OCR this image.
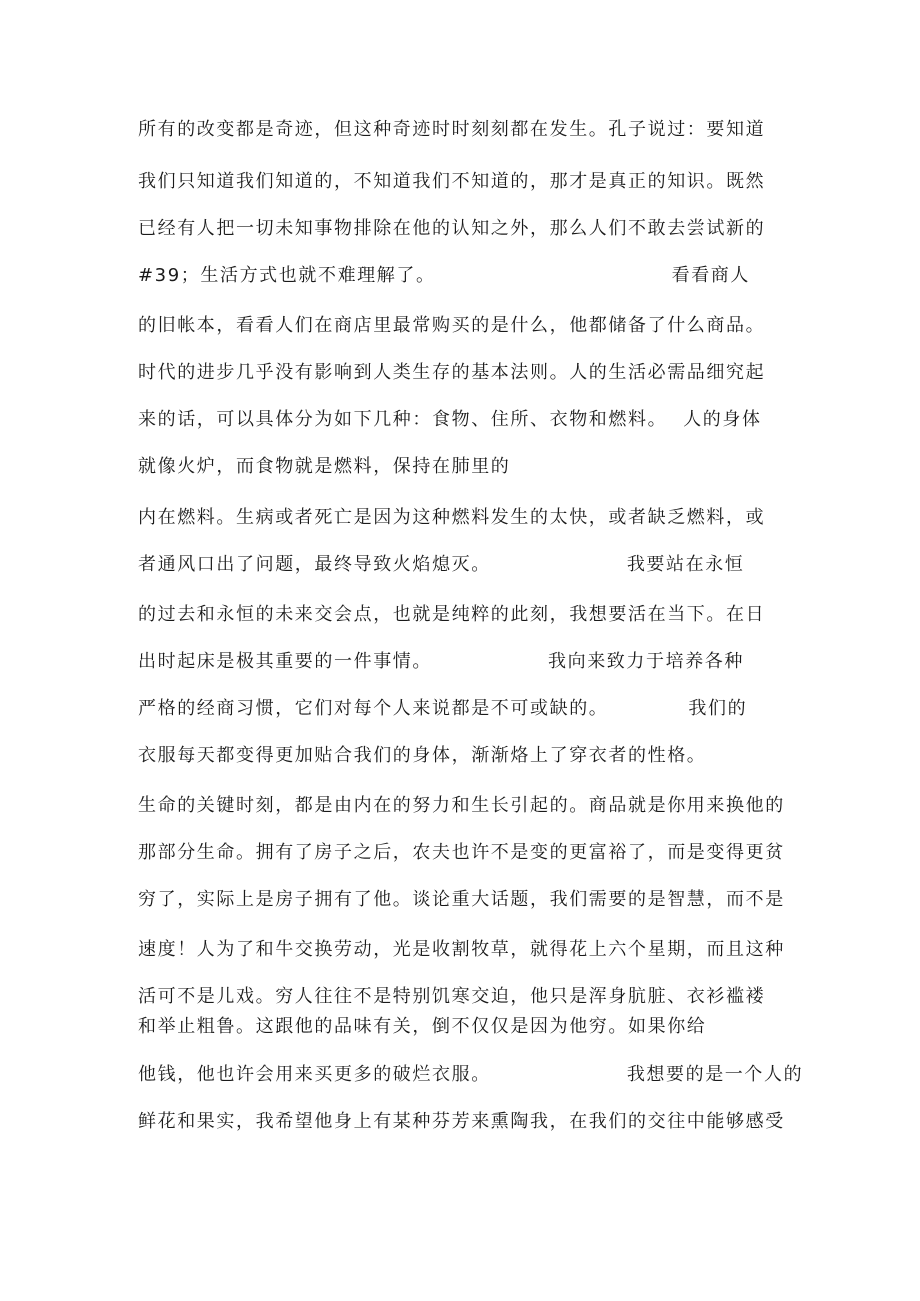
所有的改变都是奇迹，但这种奇迹时时刻刻都在发生。孔子说过：要知道
我们只知道我们知道的，不知道我们不知道的，那才是真正的知识。既然
已经有人把一切未知事物排除在他的认知之外，那么人们不敢去尝试新的
#39；生活方式也就不难理解了。	看看商人
的旧帐本，看看人们在商店里最常购买的是什么，他都储备了什么商品。
时代的进步几乎没有影响到人类生存的基本法则。人的生活必需品细究起
来的话，可以具体分为如下几种：食物、住所、衣物和燃料。 人的身体
就像火炉，而食物就是燃料，保持在肺里的
内在燃料。生病或者死亡是因为这种燃料发生的太快，或者缺乏燃料，或
者通风口出了问题，最终导致火焰熄灭。	我要站在永恒
的过去和永恒的未来交会点，也就是纯粹的此刻，我想要活在当下。在日
出时起床是极其重要的一件事情。	我向来致力于培养各种
严格的经商习惯，它们对每个人来说都是不可或缺的。	我们的
衣服每天都变得更加贴合我们的身体，渐渐烙上了穿衣者的性格。
生命的关键时刻，都是由内在的努力和生长引起的。商品就是你用来换他的
那部分生命。拥有了房子之后，农夫也许不是变的更富裕了，而是变得更贫
穷了，实际上是房子拥有了他。谈论重大话题，我们需要的是智慧，而不是
速度！人为了和牛交换劳动，光是收割牧草，就得花上六个星期，而且这种
活可不是儿戏。穷人往往不是特别饥寒交迫，他只是浑身肮脏、衣衫褴褛
和举止粗鲁。这跟他的品味有关，倒不仅仅是因为他穷。如果你给
他钱，他也许会用来买更多的破烂衣服。	我想要的是一个人的
鲜花和果实，我希望他身上有某种芬芳来熏陶我，在我们的交往中能够感受
